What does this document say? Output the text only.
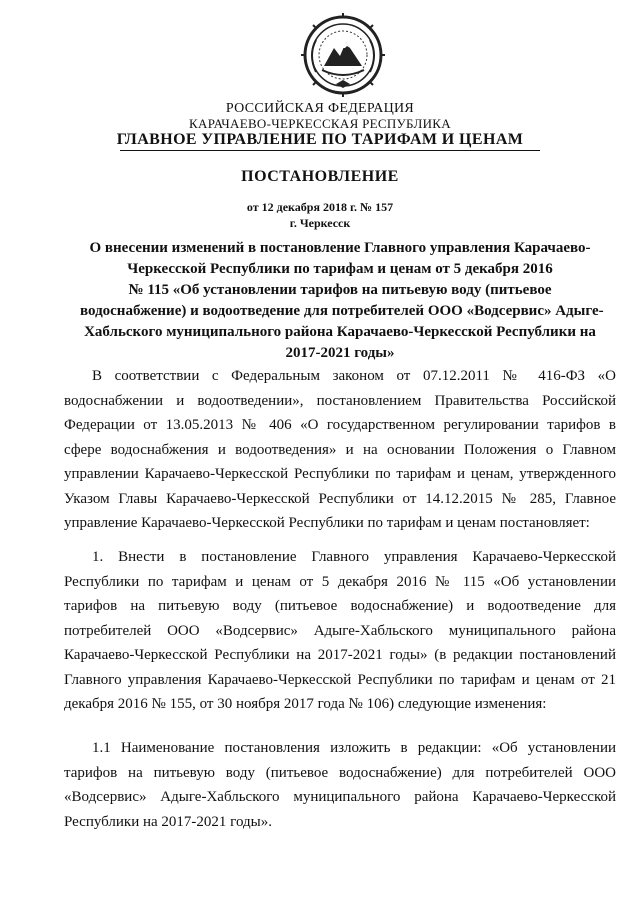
РОССИЙСКАЯ ФЕДЕРАЦИЯ
КАРАЧАЕВО-ЧЕРКЕССКАЯ РЕСПУБЛИКА
ГЛАВНОЕ УПРАВЛЕНИЕ ПО ТАРИФАМ И ЦЕНАМ
ПОСТАНОВЛЕНИЕ
от 12 декабря 2018 г. № 157
г. Черкесск
О внесении изменений в постановление Главного управления Карачаево-
Черкесской Республики по тарифам и ценам от 5 декабря 2016
№ 115 «Об установлении тарифов на питьевую воду (питьевое
водоснабжение) и водоотведение для потребителей ООО «Водсервис» Адыге-
Хабльского муниципального района Карачаево-Черкесской Республики на
2017-2021 годы»
В соответствии с Федеральным законом от 07.12.2011 № 416-ФЗ «О
водоснабжении и водоотведении», постановлением Правительства Российской
Федерации от 13.05.2013 № 406 «О государственном регулировании тарифов в
сфере водоснабжения и водоотведения» и на основании Положения о Главном
управлении Карачаево-Черкесской Республики по тарифам и ценам, утвержденного
Указом Главы Карачаево-Черкесской Республики от 14.12.2015 № 285, Главное
управление Карачаево-Черкесской Республики по тарифам и ценам постановляет:
1. Внести в постановление Главного управления Карачаево-Черкесской
Республики по тарифам и ценам от 5 декабря 2016 № 115 «Об установлении
тарифов на питьевую воду (питьевое водоснабжение) и водоотведение для
потребителей ООО «Водсервис» Адыге-Хабльского муниципального района
Карачаево-Черкесской Республики на 2017-2021 годы» (в редакции постановлений
Главного управления Карачаево-Черкесской Республики по тарифам и ценам от 21
декабря 2016 № 155, от 30 ноября 2017 года № 106) следующие изменения:
1.1 Наименование постановления изложить в редакции: «Об установлении
тарифов на питьевую воду (питьевое водоснабжение) для потребителей ООО
«Водсервис» Адыге-Хабльского муниципального района Карачаево-Черкесской
Республики на 2017-2021 годы».
